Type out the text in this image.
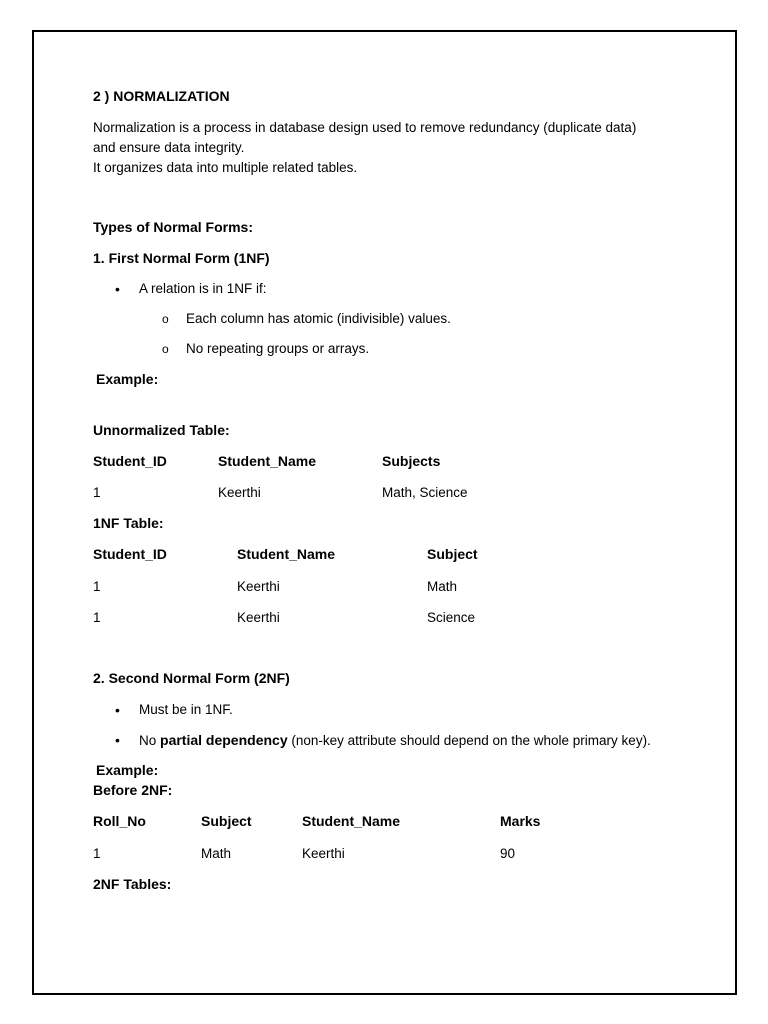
2 ) NORMALIZATION
Normalization is a process in database design used to remove redundancy (duplicate data)
and ensure data integrity.
It organizes data into multiple related tables.
Types of Normal Forms:
1. First Normal Form (1NF)
• A relation is in 1NF if:
o Each column has atomic (indivisible) values.
o No repeating groups or arrays.
Example:
Unnormalized Table:
Student_ID	Student_Name	Subjects
1	Keerthi	Math, Science
1NF Table:
Student_ID	Student_Name	Subject
1	Keerthi	Math
1	Keerthi	Science
2. Second Normal Form (2NF)
• Must be in 1NF.
• No partial dependency (non-key attribute should depend on the whole primary key).
Example:
Before 2NF:
Roll_No	Subject	Student_Name	Marks
1	Math	Keerthi	90
2NF Tables:
